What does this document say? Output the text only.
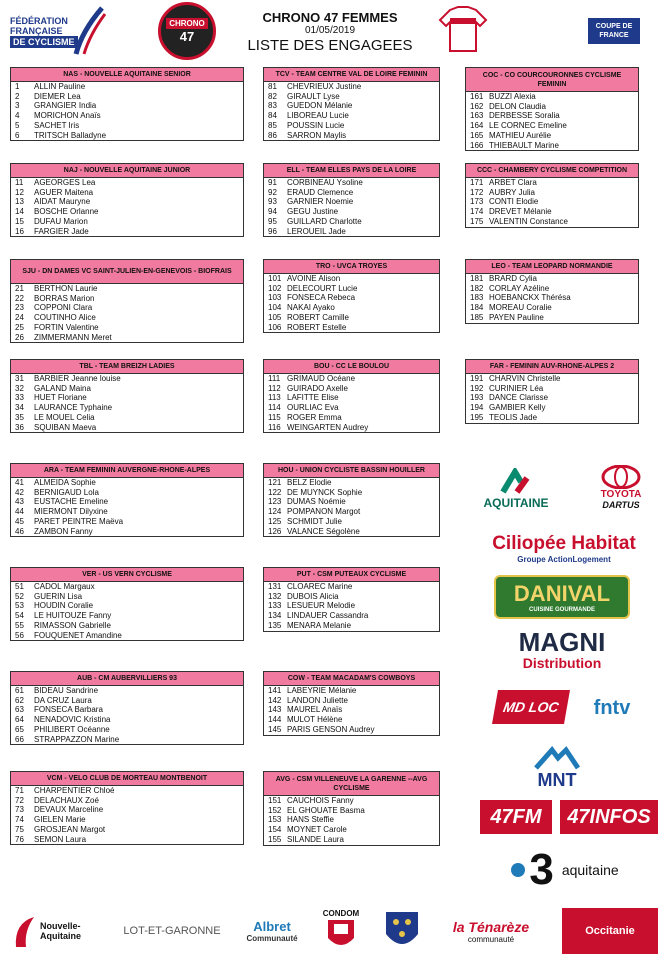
FÉDÉRATION
FRANÇAISE
DE CYCLISME
CHRONO
47
CHRONO 47 FEMMES
01/05/2019
LISTE DES ENGAGEES
COUPE DE
FRANCE
NAS - NOUVELLE AQUITAINE SENIOR
1	ALLIN Pauline
2	DIEMER Lea
3	GRANGIER India
4	MORICHON Anaïs
5	SACHET Iris
6	TRITSCH Balladyne
TCV - TEAM CENTRE VAL DE LOIRE FEMININ
81	CHEVRIEUX Justine
82	GIRAULT Lyse
83	GUEDON Mélanie
84	LIBOREAU Lucie
85	POUSSIN Lucie
86	SARRON Maylis
COC - CO COURCOURONNES CYCLISME FEMININ
161 BUZZI Alexia
162 DELON Claudia
163 DERBESSE Soralia
164 LE CORNEC Emeline
165 MATHIEU Aurélie
166 THIEBAULT Marine
NAJ - NOUVELLE AQUITAINE JUNIOR
11	AGEORGES Lea
12	AGUER Maitena
13	AIDAT Mauryne
14	BOSCHE Orlanne
15	DUFAU Marion
16	FARGIER Jade
ELL - TEAM ELLES PAYS DE LA LOIRE
91	CORBINEAU Ysoline
92	ERAUD Clemence
93	GARNIER Noemie
94	GEGU Justine
95	GUILLARD Charlotte
96	LEROUEIL Jade
CCC - CHAMBERY CYCLISME COMPETITION
171 ARBET Clara
172 AUBRY Julia
173 CONTI Elodie
174 DREVET Mélanie
175 VALENTIN Constance
SJU - DN DAMES VC SAINT-JULIEN-EN-GENEVOIS - BIOFRAIS
21	BERTHON Laurie
22	BORRAS Marion
23	COPPONI Clara
24	COUTINHO Alice
25	FORTIN Valentine
26	ZIMMERMANN Meret
TRO - UVCA TROYES
101 AVOINE Alison
102 DELECOURT Lucie
103 FONSECA Rebeca
104 NAKAI Ayako
105 ROBERT Camille
106 ROBERT Estelle
LEO - TEAM LEOPARD NORMANDIE
181 BRARD Cylia
182 CORLAY Azéline
183 HOEBANCKX Thérésa
184 MOREAU Coralie
185 PAYEN Pauline
TBL - TEAM BREIZH LADIES
31	BARBIER Jeanne louise
32	GALAND Maina
33	HUET Floriane
34	LAURANCE Typhaine
35	LE MOUEL Celia
36	SQUIBAN Maeva
BOU - CC LE BOULOU
111 GRIMAUD Océane
112 GUIRADO Axelle
113 LAFITTE Elise
114 OURLIAC Eva
115 ROGER Emma
116 WEINGARTEN Audrey
FAR - FEMININ AUV-RHONE-ALPES 2
191 CHARVIN Christelle
192 CURINIER Léa
193 DANCE Clarisse
194 GAMBIER Kelly
195 TEOLIS Jade
ARA - TEAM FEMININ AUVERGNE-RHONE-ALPES
41	ALMEIDA Sophie
42	BERNIGAUD Lola
43	EUSTACHE Emeline
44	MIERMONT Dilyxine
45	PARET PEINTRE Maëva
46	ZAMBON Fanny
HOU - UNION CYCLISTE BASSIN HOUILLER
121 BELZ Elodie
122 DE MUYNCK Sophie
123 DUMAS Noémie
124 POMPANON Margot
125 SCHMIDT Julie
126 VALANCE Ségolène
VER - US VERN CYCLISME
51	CADOL Margaux
52	GUERIN Lisa
53	HOUDIN Coralie
54	LE HUITOUZE Fanny
55	RIMASSON Gabrielle
56	FOUQUENET Amandine
PUT - CSM PUTEAUX CYCLISME
131 CLOAREC Marine
132 DUBOIS Alicia
133 LESUEUR Melodie
134 LINDAUER Cassandra
135 MENARA Melanie
AUB - CM AUBERVILLIERS 93
61	BIDEAU Sandrine
62	DA CRUZ Laura
63	FONSECA Barbara
64	NENADOVIC Kristina
65	PHILIBERT Océanne
66	STRAPPAZZON Marine
COW - TEAM MACADAM'S COWBOYS
141 LABEYRIE Mélanie
142 LANDON Juliette
143 MAUREL Anaïs
144 MULOT Hélène
145 PARIS GENSON Audrey
VCM - VELO CLUB DE MORTEAU MONTBENOIT
71	CHARPENTIER Chloé
72	DELACHAUX Zoé
73	DEVAUX Marceline
74	GIELEN Marie
75	GROSJEAN Margot
76	SEMON Laura
AVG - CSM VILLENEUVE LA GARENNE --AVG CYCLISME
151 CAUCHOIS Fanny
152 EL GHOUATE Basma
153 HANS Steffie
154 MOYNET Carole
155 SILANDE Laura
AQUITAINE
TOYOTA
DARTUS
Ciliopée Habitat
Groupe ActionLogement
DANIVAL
CUISINE GOURMANDE
MAGNI
Distribution
MD LOC fntv
MNT
47FM 47INFOS
3 aquitaine
Nouvelle-Aquitaine	LOT-ET-GARONNE	Albret
Communauté
CONDOM
la Ténarèze
communauté
Occitanie
